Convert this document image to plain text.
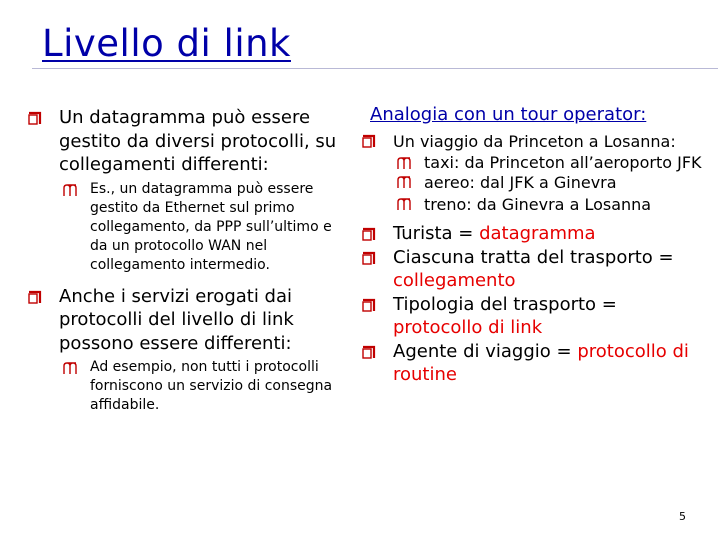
Livello di link
Un datagramma può essere gestito da diversi protocolli, su collegamenti differenti:
Es., un datagramma può essere gestito da Ethernet sul primo collegamento, da PPP sull’ultimo e da un protocollo WAN nel collegamento intermedio.
Anche i servizi erogati dai protocolli del livello di link possono essere differenti:
Ad esempio, non tutti i protocolli forniscono un servizio di consegna affidabile.

Analogia con un tour operator:

Un viaggio da Princeton a Losanna:
taxi: da Princeton all’aeroporto JFK
aereo: dal JFK a Ginevra
treno: da Ginevra a Losanna
Turista = datagramma
Ciascuna tratta del trasporto = collegamento
Tipologia del trasporto = protocollo di link
Agente di viaggio = protocollo di routine
5
